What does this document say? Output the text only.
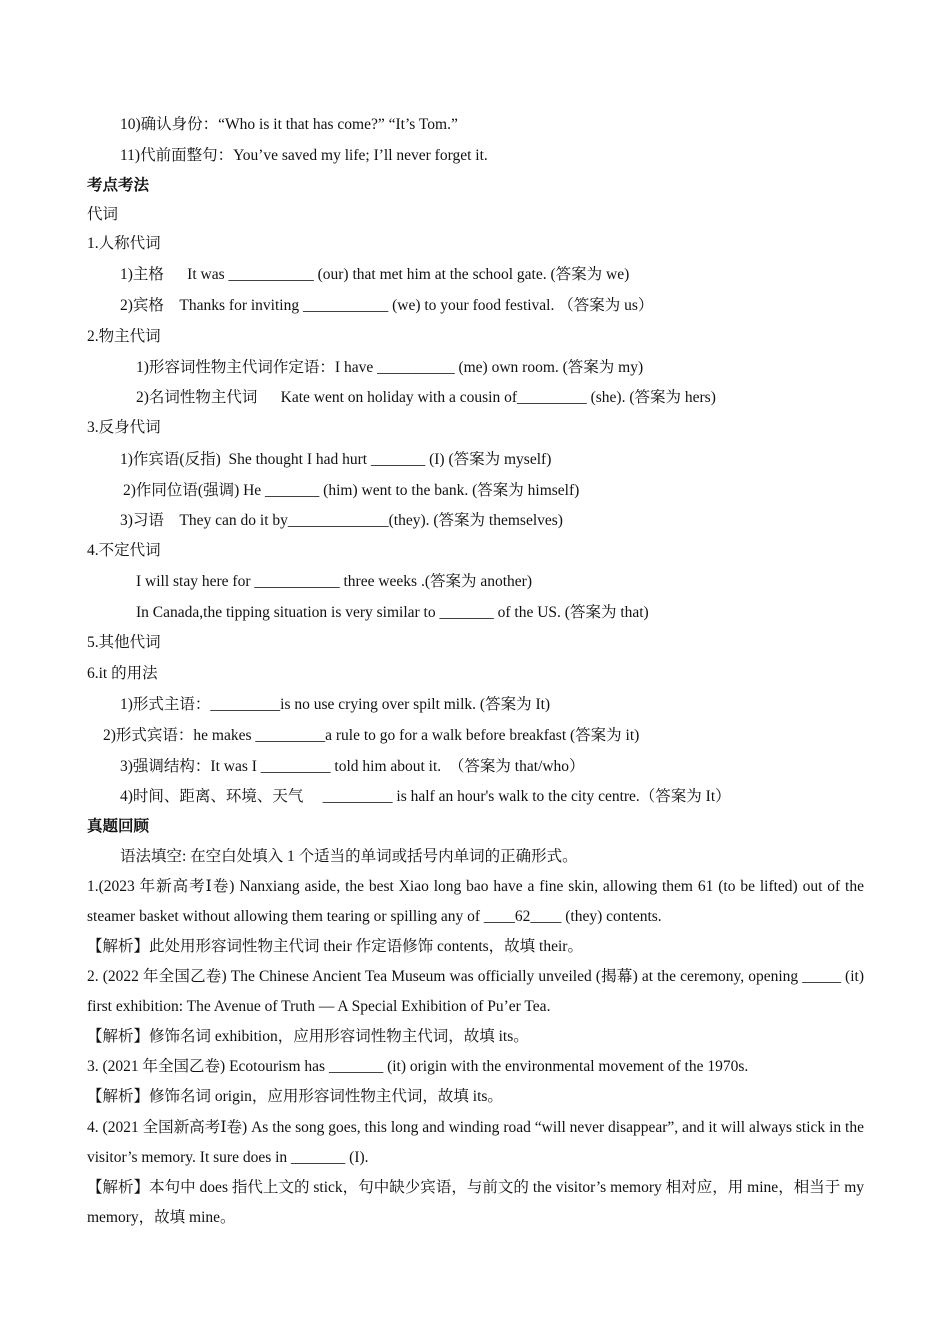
10)确认身份：“Who is it that has come?” “It’s Tom.”
11)代前面整句：You’ve saved my life; I’ll never forget it.
考点考法
代词
1.人称代词
1)主格      It was ___________ (our) that met him at the school gate. (答案为 we)
2)宾格    Thanks for inviting ___________ (we) to your food festival. （答案为 us）
2.物主代词
1)形容词性物主代词作定语：I have __________ (me) own room. (答案为 my)
2)名词性物主代词      Kate went on holiday with a cousin of_________ (she). (答案为 hers)
3.反身代词
1)作宾语(反指)  She thought I had hurt _______ (I) (答案为 myself)
2)作同位语(强调) He _______ (him) went to the bank. (答案为 himself)
3)习语    They can do it by_____________(they). (答案为 themselves)
4.不定代词
I will stay here for ___________ three weeks .(答案为 another)
In Canada,the tipping situation is very similar to _______ of the US. (答案为 that)
5.其他代词
6.it 的用法
1)形式主语：_________is no use crying over spilt milk. (答案为 It)
2)形式宾语：he makes _________a rule to go for a walk before breakfast (答案为 it)
3)强调结构：It was I _________ told him about it.  （答案为 that/who）
4)时间、距离、环境、天气     _________ is half an hour's walk to the city centre.（答案为 It）
真题回顾
语法填空: 在空白处填入 1 个适当的单词或括号内单词的正确形式。
1.(2023 年新高考Ⅰ卷) Nanxiang aside, the best Xiao long bao have a fine skin, allowing them 61 (to be lifted) out of the steamer basket without allowing them tearing or spilling any of ____62____ (they) contents.
【解析】此处用形容词性物主代词 their 作定语修饰 contents，故填 their。
2. (2022 年全国乙卷) The Chinese Ancient Tea Museum was officially unveiled (揭幕) at the ceremony, opening _____ (it) first exhibition: The Avenue of Truth — A Special Exhibition of Pu’er Tea.
【解析】修饰名词 exhibition，应用形容词性物主代词，故填 its。
3. (2021 年全国乙卷) Ecotourism has _______ (it) origin with the environmental movement of the 1970s.
【解析】修饰名词 origin，应用形容词性物主代词，故填 its。
4. (2021 全国新高考Ⅰ卷) As the song goes, this long and winding road “will never disappear”, and it will always stick in the visitor’s memory. It sure does in _______ (I).
【解析】本句中 does 指代上文的 stick，句中缺少宾语，与前文的 the visitor’s memory 相对应，用 mine，相当于 my memory，故填 mine。
